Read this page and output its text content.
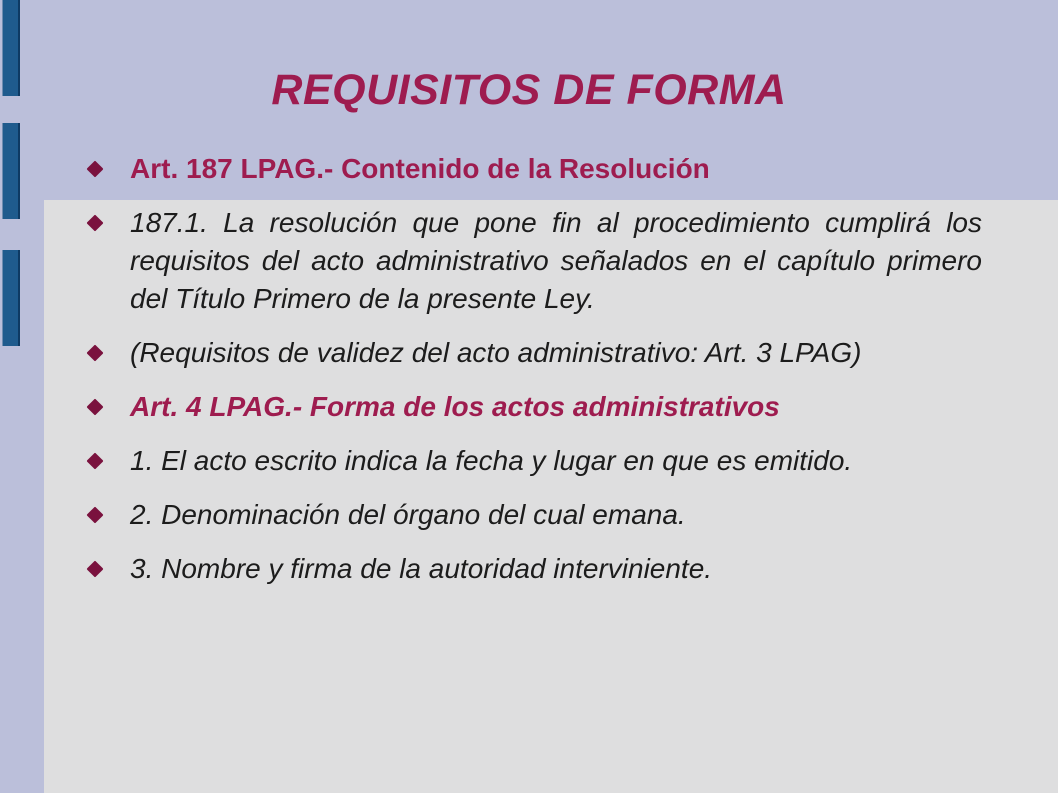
REQUISITOS DE FORMA
Art. 187 LPAG.- Contenido de la Resolución
187.1. La resolución que pone fin al procedimiento cumplirá los requisitos del acto administrativo señalados en el capítulo primero del Título Primero de la presente Ley.
(Requisitos de validez del acto administrativo: Art. 3 LPAG)
Art. 4 LPAG.- Forma de los actos administrativos
1. El acto escrito indica la fecha y lugar en que es emitido.
2. Denominación del órgano del cual emana.
3. Nombre y firma de la autoridad interviniente.
